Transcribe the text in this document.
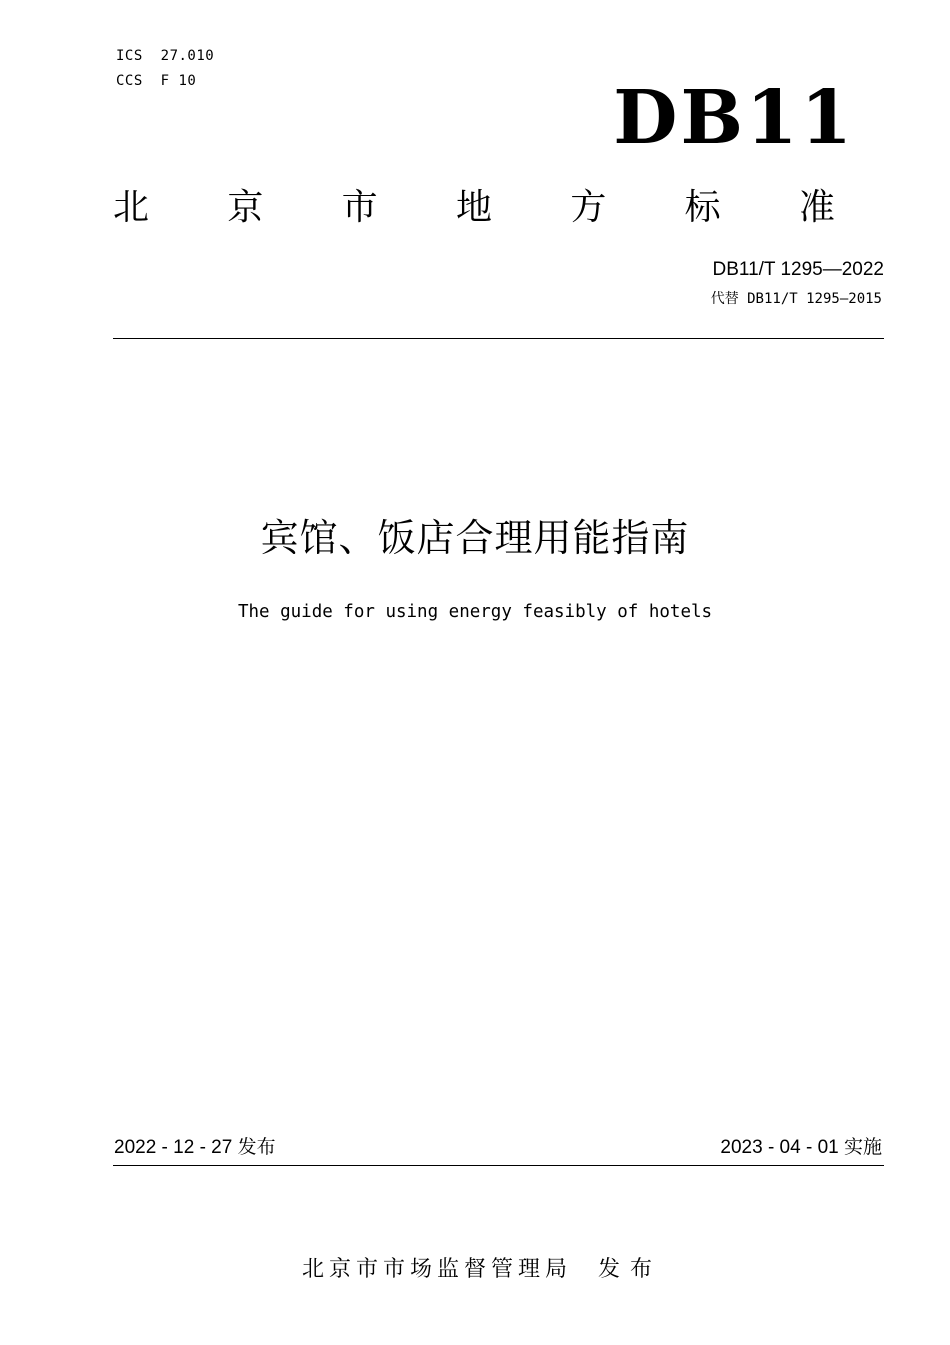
ICS  27.010
CCS  F 10	DB11
北 京 市 地 方 标 准
DB11/T 1295—2022
代替 DB11/T 1295—2015
宾馆、饭店合理用能指南
The guide for using energy feasibly of hotels
2022 - 12 - 27 发布	2023 - 04 - 01 实施

北京市市场监督管理局 发布
